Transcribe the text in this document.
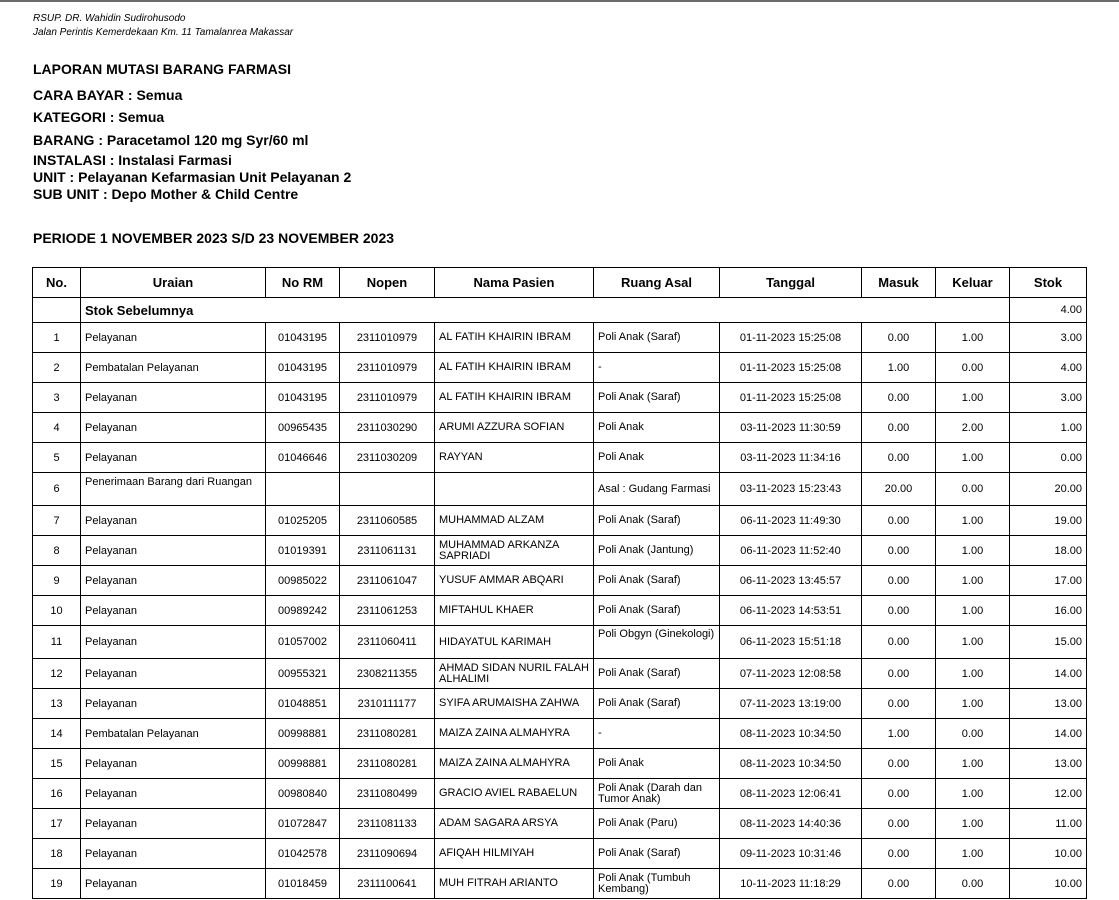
RSUP. DR. Wahidin Sudirohusodo
Jalan Perintis Kemerdekaan Km. 11 Tamalanrea Makassar
LAPORAN MUTASI BARANG FARMASI
CARA BAYAR : Semua
KATEGORI : Semua
BARANG : Paracetamol 120 mg Syr/60 ml
INSTALASI : Instalasi Farmasi
UNIT : Pelayanan Kefarmasian Unit Pelayanan 2
SUB UNIT : Depo Mother & Child Centre
PERIODE 1 NOVEMBER 2023 S/D 23 NOVEMBER 2023
No.	Uraian	No RM	Nopen	Nama Pasien	Ruang Asal	Tanggal	Masuk	Keluar	Stok
	Stok Sebelumnya								4.00
1	Pelayanan	01043195	2311010979	AL FATIH KHAIRIN IBRAM	Poli Anak (Saraf)	01-11-2023 15:25:08	0.00	1.00	3.00
2	Pembatalan Pelayanan	01043195	2311010979	AL FATIH KHAIRIN IBRAM	-	01-11-2023 15:25:08	1.00	0.00	4.00
3	Pelayanan	01043195	2311010979	AL FATIH KHAIRIN IBRAM	Poli Anak (Saraf)	01-11-2023 15:25:08	0.00	1.00	3.00
4	Pelayanan	00965435	2311030290	ARUMI AZZURA SOFIAN	Poli Anak	03-11-2023 11:30:59	0.00	2.00	1.00
5	Pelayanan	01046646	2311030209	RAYYAN	Poli Anak	03-11-2023 11:34:16	0.00	1.00	0.00
6	Penerimaan Barang dari Ruangan				Asal : Gudang Farmasi	03-11-2023 15:23:43	20.00	0.00	20.00
7	Pelayanan	01025205	2311060585	MUHAMMAD ALZAM	Poli Anak (Saraf)	06-11-2023 11:49:30	0.00	1.00	19.00
8	Pelayanan	01019391	2311061131	MUHAMMAD ARKANZA SAPRIADI	Poli Anak (Jantung)	06-11-2023 11:52:40	0.00	1.00	18.00
9	Pelayanan	00985022	2311061047	YUSUF AMMAR ABQARI	Poli Anak (Saraf)	06-11-2023 13:45:57	0.00	1.00	17.00
10	Pelayanan	00989242	2311061253	MIFTAHUL KHAER	Poli Anak (Saraf)	06-11-2023 14:53:51	0.00	1.00	16.00
11	Pelayanan	01057002	2311060411	HIDAYATUL KARIMAH	Poli Obgyn (Ginekologi)	06-11-2023 15:51:18	0.00	1.00	15.00
12	Pelayanan	00955321	2308211355	AHMAD SIDAN NURIL FALAH ALHALIMI	Poli Anak (Saraf)	07-11-2023 12:08:58	0.00	1.00	14.00
13	Pelayanan	01048851	2310111177	SYIFA ARUMAISHA ZAHWA	Poli Anak (Saraf)	07-11-2023 13:19:00	0.00	1.00	13.00
14	Pembatalan Pelayanan	00998881	2311080281	MAIZA ZAINA ALMAHYRA	-	08-11-2023 10:34:50	1.00	0.00	14.00
15	Pelayanan	00998881	2311080281	MAIZA ZAINA ALMAHYRA	Poli Anak	08-11-2023 10:34:50	0.00	1.00	13.00
16	Pelayanan	00980840	2311080499	GRACIO AVIEL RABAELUN	Poli Anak (Darah dan Tumor Anak)	08-11-2023 12:06:41	0.00	1.00	12.00
17	Pelayanan	01072847	2311081133	ADAM SAGARA ARSYA	Poli Anak (Paru)	08-11-2023 14:40:36	0.00	1.00	11.00
18	Pelayanan	01042578	2311090694	AFIQAH HILMIYAH	Poli Anak (Saraf)	09-11-2023 10:31:46	0.00	1.00	10.00
19	Pelayanan	01018459	2311100641	MUH FITRAH ARIANTO	Poli Anak (Tumbuh Kembang)	10-11-2023 11:18:29	0.00	0.00	10.00
